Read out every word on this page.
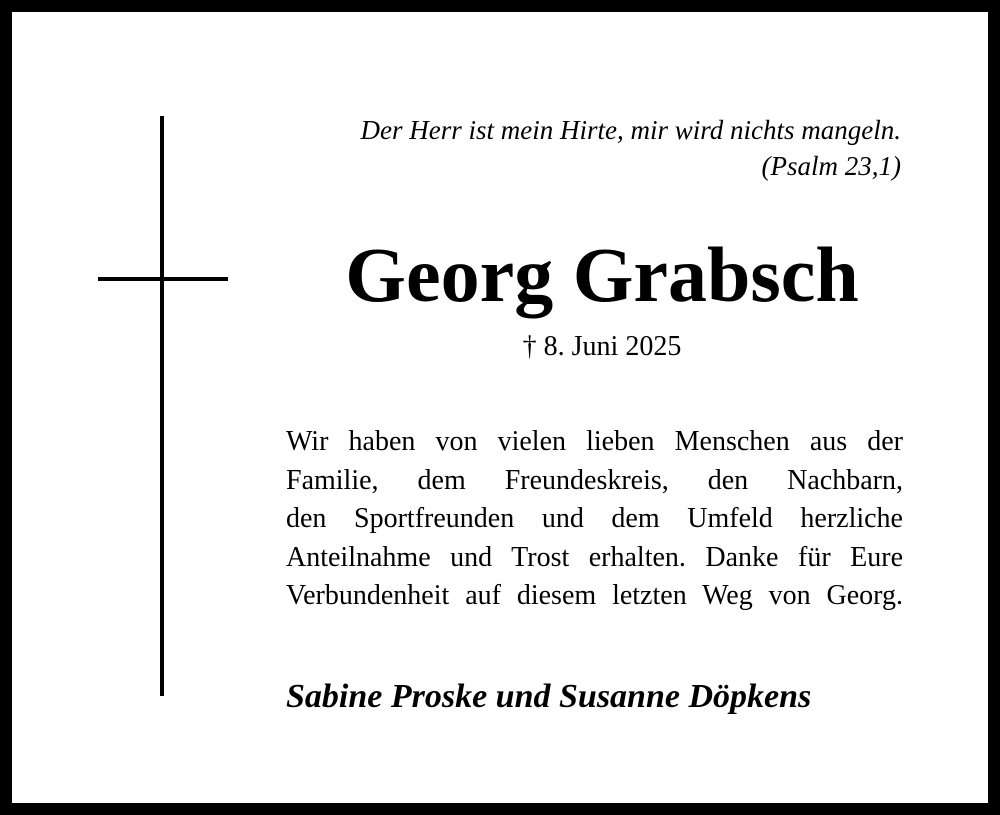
Der Herr ist mein Hirte, mir wird nichts mangeln.
(Psalm 23,1)
Georg Grabsch
† 8. Juni 2025
Wir haben von vielen lieben Menschen aus der
Familie, dem Freundeskreis, den Nachbarn,
den Sportfreunden und dem Umfeld herzliche
Anteilnahme und Trost erhalten. Danke für Eure
Verbundenheit auf diesem letzten Weg von Georg.
Sabine Proske und Susanne Döpkens
